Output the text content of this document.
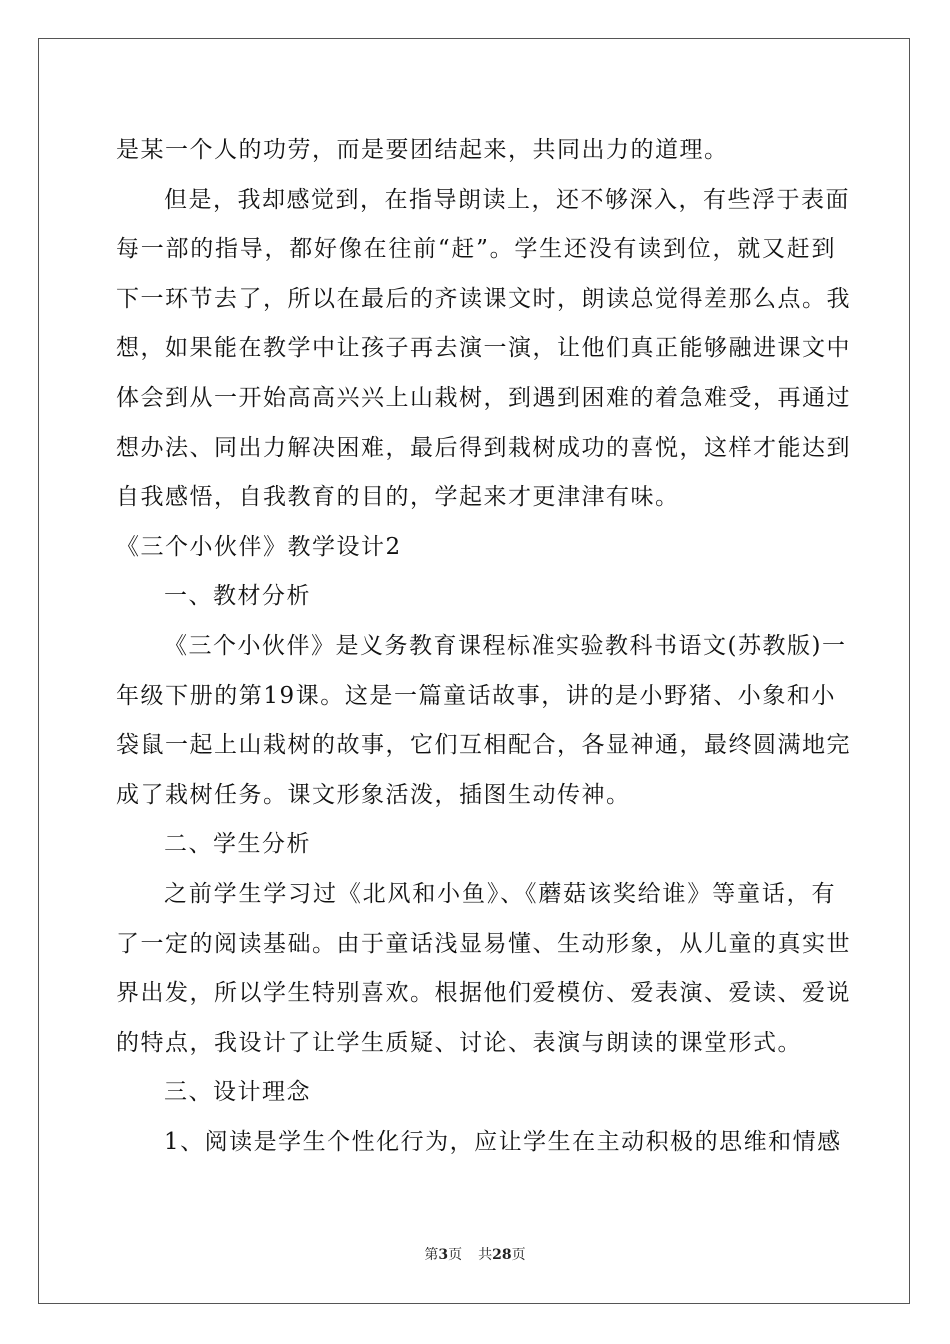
是某一个人的功劳，而是要团结起来，共同出力的道理。
但是，我却感觉到，在指导朗读上，还不够深入，有些浮于表面
每一部的指导，都好像在往前“赶”。学生还没有读到位，就又赶到
下一环节去了，所以在最后的齐读课文时，朗读总觉得差那么点。我
想，如果能在教学中让孩子再去演一演，让他们真正能够融进课文中
体会到从一开始高高兴兴上山栽树，到遇到困难的着急难受，再通过
想办法、同出力解决困难，最后得到栽树成功的喜悦，这样才能达到
自我感悟，自我教育的目的，学起来才更津津有味。
《三个小伙伴》教学设计2
一、教材分析
《三个小伙伴》是义务教育课程标准实验教科书语文(苏教版)一
年级下册的第19课。这是一篇童话故事，讲的是小野猪、小象和小
袋鼠一起上山栽树的故事，它们互相配合，各显神通，最终圆满地完
成了栽树任务。课文形象活泼，插图生动传神。
二、学生分析
之前学生学习过《北风和小鱼》、《蘑菇该奖给谁》等童话，有
了一定的阅读基础。由于童话浅显易懂、生动形象，从儿童的真实世
界出发，所以学生特别喜欢。根据他们爱模仿、爱表演、爱读、爱说
的特点，我设计了让学生质疑、讨论、表演与朗读的课堂形式。
三、设计理念
1、阅读是学生个性化行为，应让学生在主动积极的思维和情感
第3页 共28页
